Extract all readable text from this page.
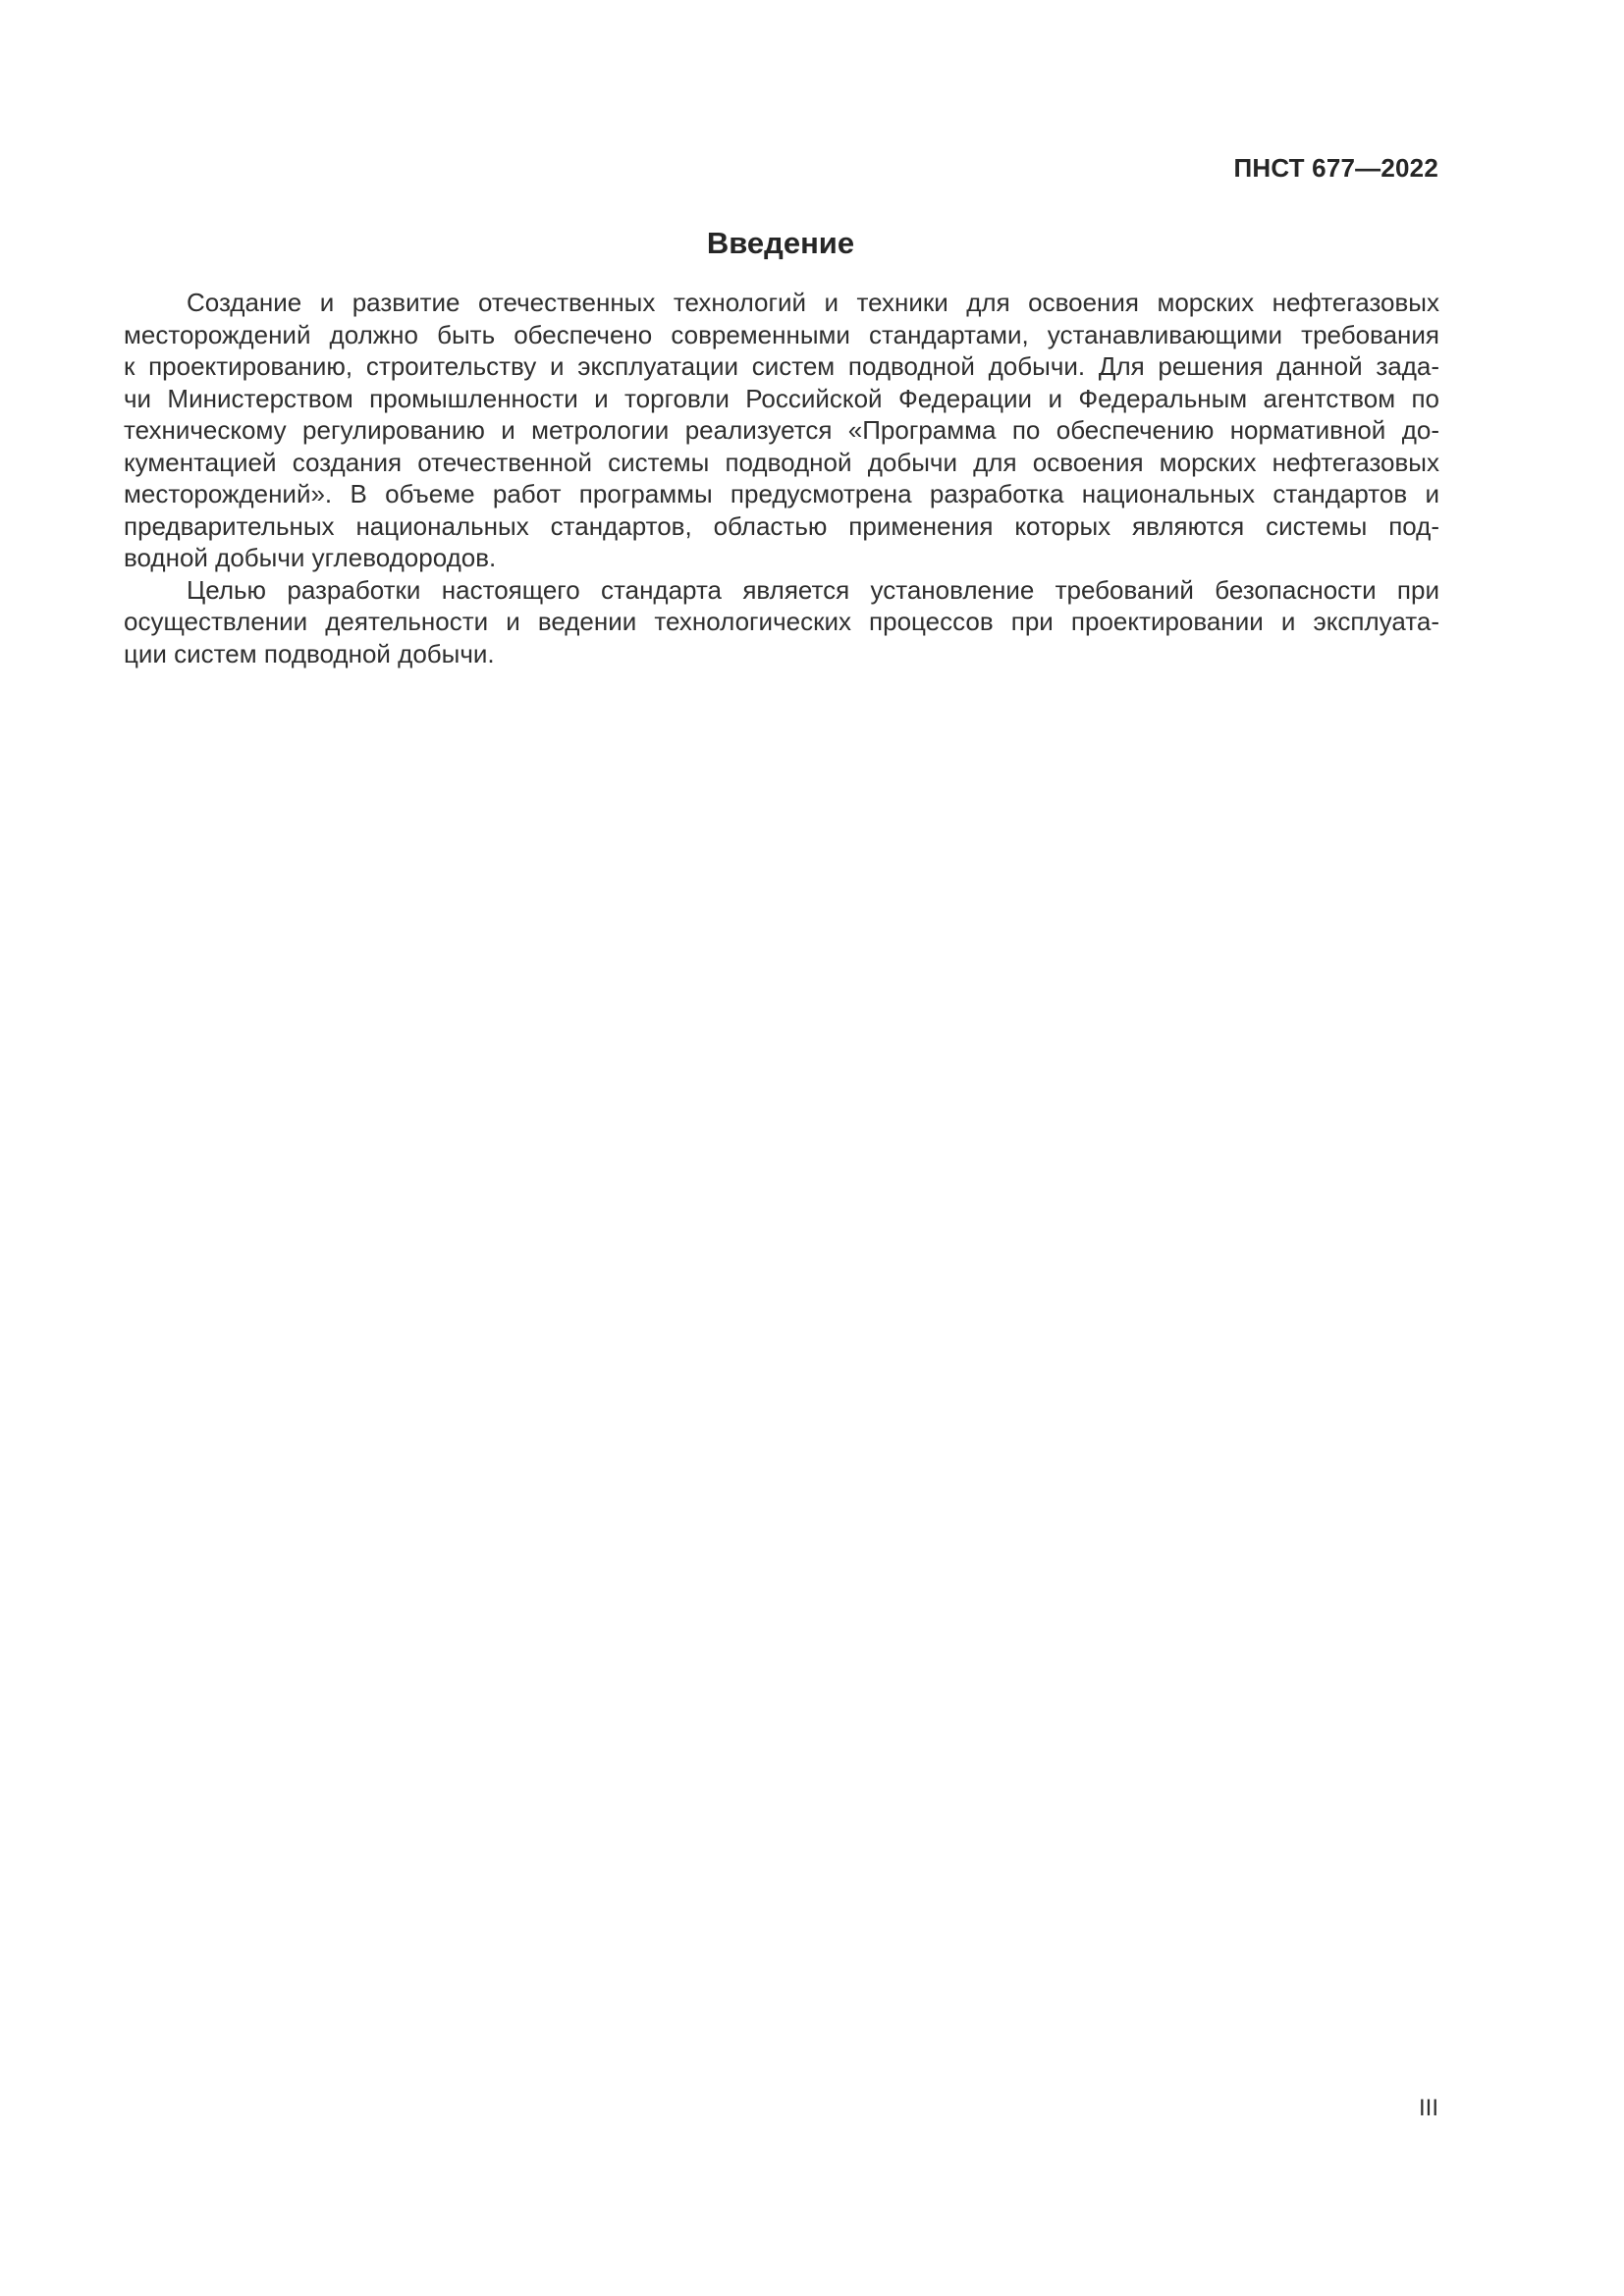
ПНСТ 677—2022
Введение
Создание и развитие отечественных технологий и техники для освоения морских нефтегазовых
месторождений должно быть обеспечено современными стандартами, устанавливающими требования
к проектированию, строительству и эксплуатации систем подводной добычи. Для решения данной зада-
чи Министерством промышленности и торговли Российской Федерации и Федеральным агентством по
техническому регулированию и метрологии реализуется «Программа по обеспечению нормативной до-
кументацией создания отечественной системы подводной добычи для освоения морских нефтегазовых
месторождений». В объеме работ программы предусмотрена разработка национальных стандартов и
предварительных национальных стандартов, областью применения которых являются системы под-
водной добычи углеводородов.
Целью разработки настоящего стандарта является установление требований безопасности при
осуществлении деятельности и ведении технологических процессов при проектировании и эксплуата-
ции систем подводной добычи.
III
